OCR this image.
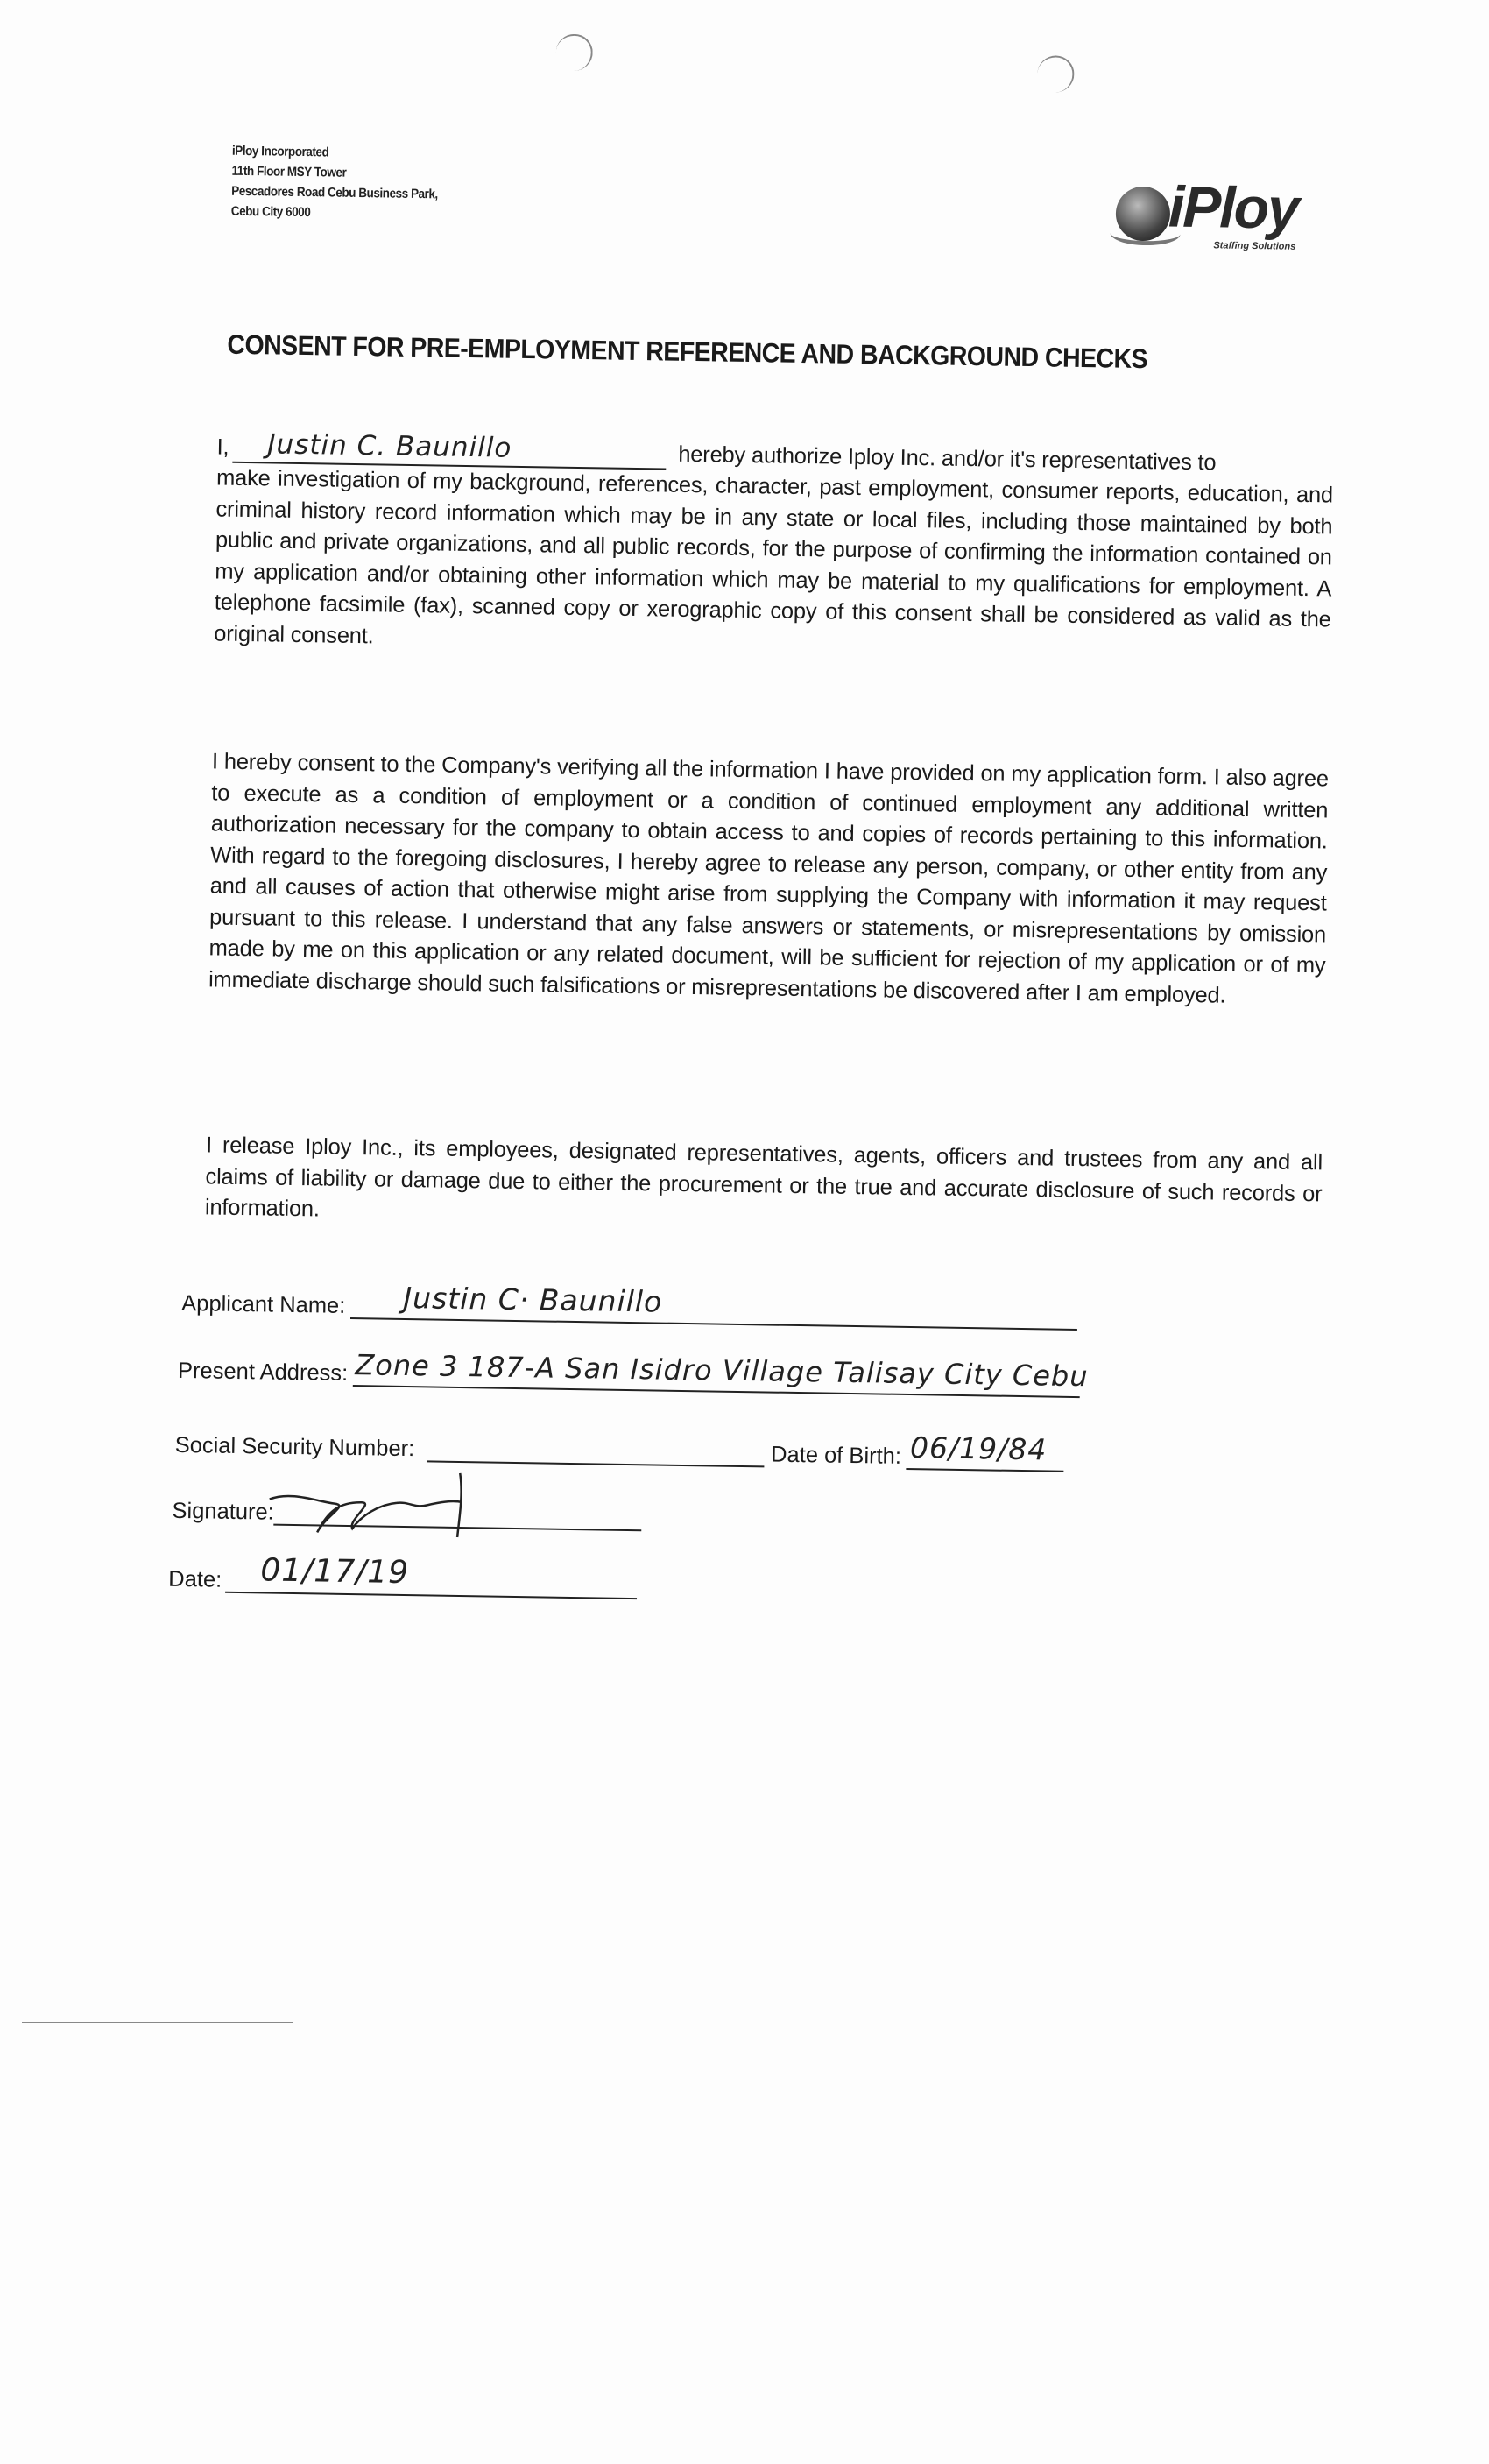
iPloy Incorporated
11th Floor MSY Tower
Pescadores Road Cebu Business Park,
Cebu City 6000	iPloy
Staffing Solutions
CONSENT FOR PRE-EMPLOYMENT REFERENCE AND BACKGROUND CHECKS
I, Justin C. Baunillo	hereby authorize Iploy Inc. and/or it's representatives to
make investigation of my background, references, character, past employment, consumer reports, education, and criminal history record information which may be in any state or local files, including those maintained by both public and private organizations, and all public records, for the purpose of confirming the information contained on my application and/or obtaining other information which may be material to my qualifications for employment. A telephone facsimile (fax), scanned copy or xerographic copy of this consent shall be considered as valid as the original consent.
I hereby consent to the Company's verifying all the information I have provided on my application form. I also agree to execute as a condition of employment or a condition of continued employment any additional written authorization necessary for the company to obtain access to and copies of records pertaining to this information. With regard to the foregoing disclosures, I hereby agree to release any person, company, or other entity from any and all causes of action that otherwise might arise from supplying the Company with information it may request pursuant to this release. I understand that any false answers or statements, or misrepresentations by omission made by me on this application or any related document, will be sufficient for rejection of my application or of my immediate discharge should such falsifications or misrepresentations be discovered after I am employed.
I release Iploy Inc., its employees, designated representatives, agents, officers and trustees from any and all claims of liability or damage due to either the procurement or the true and accurate disclosure of such records or information.
Applicant Name: Justin C· Baunillo
Present Address: Zone 3 187-A San Isidro Village Talisay City Cebu
Social Security Number:	Date of Birth: 06/19/84
Signature:
Date: 01/17/19
